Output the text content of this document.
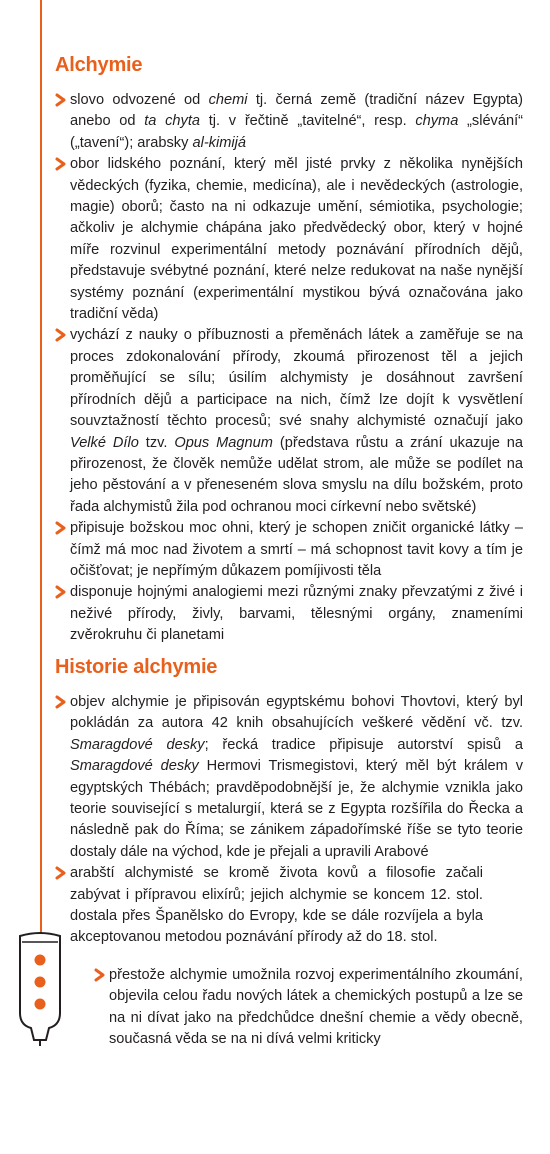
Alchymie
slovo odvozené od chemi tj. černá země (tradiční název Egypta) anebo od ta chyta tj. v řečtině „tavitelné“, resp. chyma „slévání“ („tavení“); arabsky al-kimijá
obor lidského poznání, který měl jisté prvky z několika nynějších vědeckých (fyzika, chemie, medicína), ale i nevědeckých (astrologie, magie) oborů; často na ni odkazuje umění, sémiotika, psychologie; ačkoliv je alchymie chápána jako předvědecký obor, který v hojné míře rozvinul experimentální metody poznávání přírodních dějů, představuje svébytné poznání, které nelze redukovat na naše nynější systémy poznání (experimentální mystikou bývá označována jako tradiční věda)
vychází z nauky o příbuznosti a přeměnách látek a zaměřuje se na proces zdokonalování přírody, zkoumá přirozenost těl a jejich proměňující se sílu; úsilím alchymisty je dosáhnout završení přírodních dějů a participace na nich, čímž lze dojít k vysvětlení souvztažností těchto procesů; své snahy alchymisté označují jako Velké Dílo tzv. Opus Magnum (představa růstu a zrání ukazuje na přirozenost, že člověk nemůže udělat strom, ale může se podílet na jeho pěstování a v přeneseném slova smyslu na dílu božském, proto řada alchymistů žila pod ochranou moci církevní nebo světské)
připisuje božskou moc ohni, který je schopen zničit organické látky – čímž má moc nad životem a smrtí – má schopnost tavit kovy a tím je očišťovat; je nepřímým důkazem pomíjivosti těla
disponuje hojnými analogiemi mezi různými znaky převzatými z živé i neživé přírody, živly, barvami, tělesnými orgány, znameními zvěrokruhu či planetami
Historie alchymie
objev alchymie je připisován egyptskému bohovi Thovtovi, který byl pokládán za autora 42 knih obsahujících veškeré vědění vč. tzv. Smaragdové desky; řecká tradice připisuje autorství spisů a Smaragdové desky Hermovi Trismegistovi, který měl být králem v egyptských Thébách; pravděpodobnější je, že alchymie vznikla jako teorie související s metalurgií, která se z Egypta rozšířila do Řecka a následně pak do Říma; se zánikem západořímské říše se tyto teorie dostaly dále na východ, kde je přejali a upravili Arabové
arabští alchymisté se kromě života kovů a filosofie začali zabývat i přípravou elixírů; jejich alchymie se koncem 12. stol. dostala přes Španělsko do Evropy, kde se dále rozvíjela a byla akceptovanou metodou poznávání přírody až do 18. stol.
přestože alchymie umožnila rozvoj experimentálního zkoumání, objevila celou řadu nových látek a chemických postupů a lze se na ni dívat jako na předchůdce dnešní chemie a vědy obecně, současná věda se na ni dívá velmi kriticky
